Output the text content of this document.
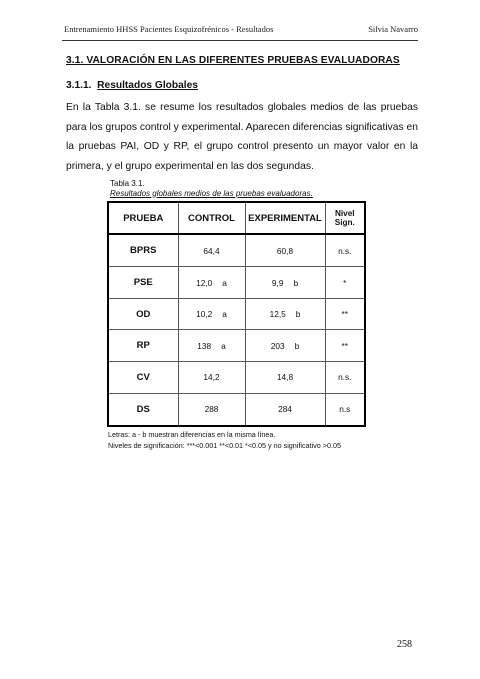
Entrenamiento HHSS Pacientes Esquizofrénicos - Resultados	Silvia Navarro
3.1. VALORACIÓN EN LAS DIFERENTES PRUEBAS EVALUADORAS
3.1.1. Resultados Globales
En la Tabla 3.1. se resume los resultados globales medios de las pruebas para los grupos control y experimental. Aparecen diferencias significativas en la pruebas PAI, OD y RP, el grupo control presento un mayor valor en la primera, y el grupo experimental en las dos segundas.
Tabla 3.1.
Resultados globales medios de las pruebas evaluadoras.
PRUEBA	CONTROL	EXPERIMENTAL	Nivel
Sign.
BPRS	64,4	60,8	n.s.
PSE	12,0 a	9,9 b	*
OD	10,2 a	12,5 b	**
RP	138 a	203 b	**
CV	14,2	14,8	n.s.
DS	288	284	n.s
Letras: a - b muestran diferencias en la misma línea.
Niveles de significación: ***<0.001 **<0.01 *<0.05 y no significativo >0.05
258
